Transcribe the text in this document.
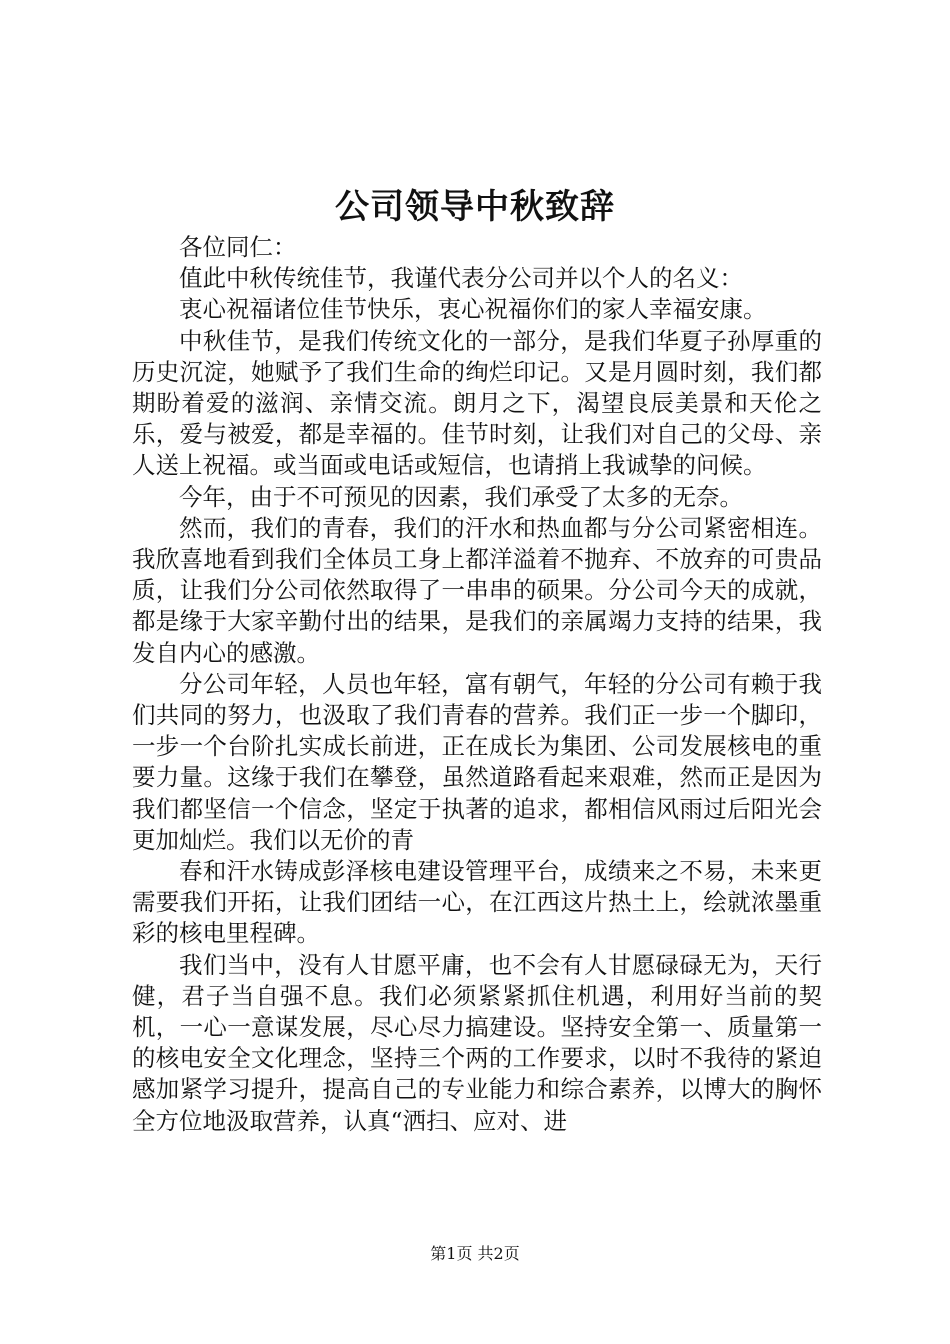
公司领导中秋致辞

各位同仁：

值此中秋传统佳节，我谨代表分公司并以个人的名义：

衷心祝福诸位佳节快乐，衷心祝福你们的家人幸福安康。

中秋佳节，是我们传统文化的一部分，是我们华夏子孙厚重的历史沉淀，她赋予了我们生命的绚烂印记。又是月圆时刻，我们都期盼着爱的滋润、亲情交流。朗月之下，渴望良辰美景和天伦之乐，爱与被爱，都是幸福的。佳节时刻，让我们对自己的父母、亲人送上祝福。或当面或电话或短信，也请捎上我诚挚的问候。

今年，由于不可预见的因素，我们承受了太多的无奈。

然而，我们的青春，我们的汗水和热血都与分公司紧密相连。我欣喜地看到我们全体员工身上都洋溢着不抛弃、不放弃的可贵品质，让我们分公司依然取得了一串串的硕果。分公司今天的成就，都是缘于大家辛勤付出的结果，是我们的亲属竭力支持的结果，我发自内心的感激。

分公司年轻，人员也年轻，富有朝气，年轻的分公司有赖于我们共同的努力，也汲取了我们青春的营养。我们正一步一个脚印，一步一个台阶扎实成长前进，正在成长为集团、公司发展核电的重要力量。这缘于我们在攀登，虽然道路看起来艰难，然而正是因为我们都坚信一个信念，坚定于执著的追求，都相信风雨过后阳光会更加灿烂。我们以无价的青

春和汗水铸成彭泽核电建设管理平台，成绩来之不易，未来更需要我们开拓，让我们团结一心，在江西这片热土上，绘就浓墨重彩的核电里程碑。

我们当中，没有人甘愿平庸，也不会有人甘愿碌碌无为，天行健，君子当自强不息。我们必须紧紧抓住机遇，利用好当前的契机，一心一意谋发展，尽心尽力搞建设。坚持安全第一、质量第一的核电安全文化理念，坚持三个两的工作要求，以时不我待的紧迫感加紧学习提升，提高自己的专业能力和综合素养，以博大的胸怀全方位地汲取营养，认真“洒扫、应对、进

第1页 共2页
